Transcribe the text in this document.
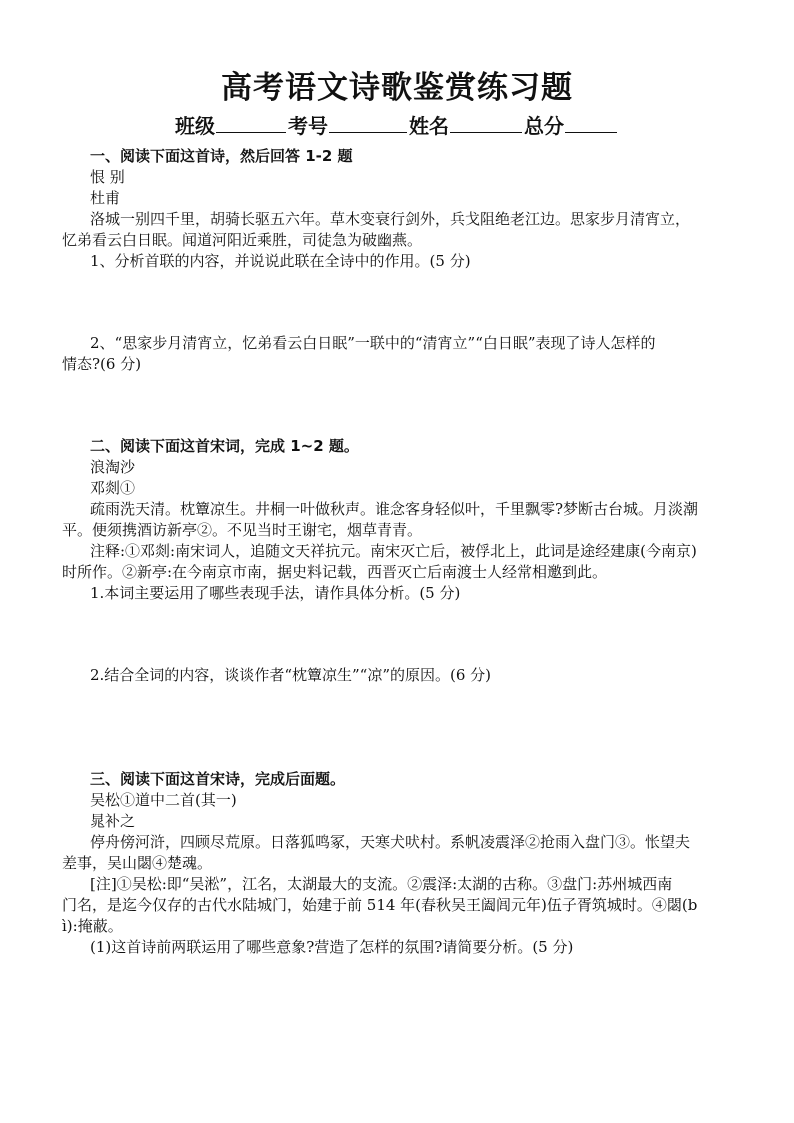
高考语文诗歌鉴赏练习题
班级	考号	姓名	总分
一、阅读下面这首诗，然后回答 1-2 题
恨 别
杜甫
洛城一别四千里，胡骑长驱五六年。草木变衰行剑外，兵戈阻绝老江边。思家步月清宵立，
忆弟看云白日眠。闻道河阳近乘胜，司徒急为破幽燕。
1、分析首联的内容，并说说此联在全诗中的作用。(5 分)
2、“思家步月清宵立，忆弟看云白日眠”一联中的“清宵立”“白日眠”表现了诗人怎样的
情态?(6 分)
二、阅读下面这首宋词，完成 1~2 题。
浪淘沙
邓剡①
疏雨洗天清。枕簟凉生。井桐一叶做秋声。谁念客身轻似叶，千里飘零?梦断古台城。月淡潮
平。便须携酒访新亭②。不见当时王谢宅，烟草青青。
注释:①邓剡:南宋词人，追随文天祥抗元。南宋灭亡后，被俘北上，此词是途经建康(今南京)
时所作。②新亭:在今南京市南，据史料记载，西晋灭亡后南渡士人经常相邀到此。
1.本词主要运用了哪些表现手法，请作具体分析。(5 分)
2.结合全词的内容，谈谈作者“枕簟凉生”“凉”的原因。(6 分)
三、阅读下面这首宋诗，完成后面题。
吴松①道中二首(其一)
晁补之
停舟傍河浒，四顾尽荒原。日落狐鸣冢，天寒犬吠村。系帆凌震泽②抢雨入盘门③。怅望夫
差事，吴山閟④楚魂。
[注]①吴松:即“吴淞”，江名，太湖最大的支流。②震泽:太湖的古称。③盘门:苏州城西南
门名，是迄今仅存的古代水陆城门，始建于前 514 年(春秋吴王阖闾元年)伍子胥筑城时。④閟(b
ì):掩蔽。
(1)这首诗前两联运用了哪些意象?营造了怎样的氛围?请简要分析。(5 分)
